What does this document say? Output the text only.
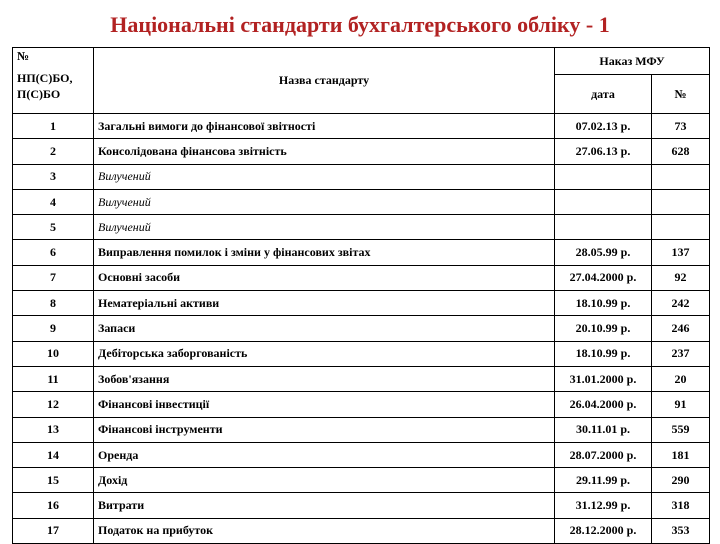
Національні стандарти бухгалтерського обліку - 1
№
НП(С)БО, П(С)БО	Назва стандарту	Наказ МФУ	
		дата	№
1	Загальні вимоги до фінансової звітності	07.02.13 р.	73
2	Консолідована фінансова звітність	27.06.13 р.	628
3	Вилучений		
4	Вилучений		
5	Вилучений		
6	Виправлення помилок і зміни у фінансових звітах	28.05.99 р.	137
7	Основні засоби	27.04.2000 р.	92
8	Нематеріальні активи	18.10.99 р.	242
9	Запаси	20.10.99 р.	246
10	Дебіторська заборгованість	18.10.99 р.	237
11	Зобов'язання	31.01.2000 р.	20
12	Фінансові інвестиції	26.04.2000 р.	91
13	Фінансові інструменти	30.11.01 р.	559
14	Оренда	28.07.2000 р.	181
15	Дохід	29.11.99 р.	290
16	Витрати	31.12.99 р.	318
17	Податок на прибуток	28.12.2000 р.	353
